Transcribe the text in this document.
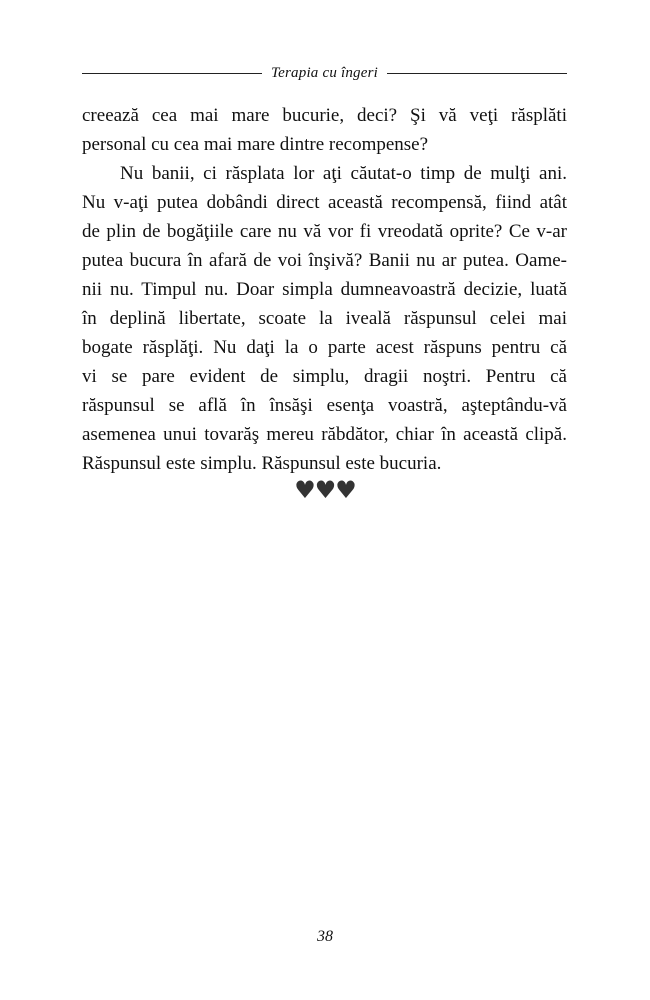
Terapia cu îngeri

creează cea mai mare bucurie, deci? Şi vă veţi răsplăti
personal cu cea mai mare dintre recompense?

Nu banii, ci răsplata lor aţi căutat-o timp de mulţi ani.
Nu v-aţi putea dobândi direct această recompensă, fiind atât
de plin de bogăţiile care nu vă vor fi vreodată oprite? Ce v-ar
putea bucura în afară de voi înşivă? Banii nu ar putea. Oame-
nii nu. Timpul nu. Doar simpla dumneavoastră decizie, luată
în deplină libertate, scoate la iveală răspunsul celei mai
bogate răsplăţi. Nu daţi la o parte acest răspuns pentru că
vi se pare evident de simplu, dragii noştri. Pentru că
răspunsul se află în însăşi esenţa voastră, aşteptându-vă
asemenea unui tovarăş mereu răbdător, chiar în această clipă.
Răspunsul este simplu. Răspunsul este bucuria.

♥♥♥
38
